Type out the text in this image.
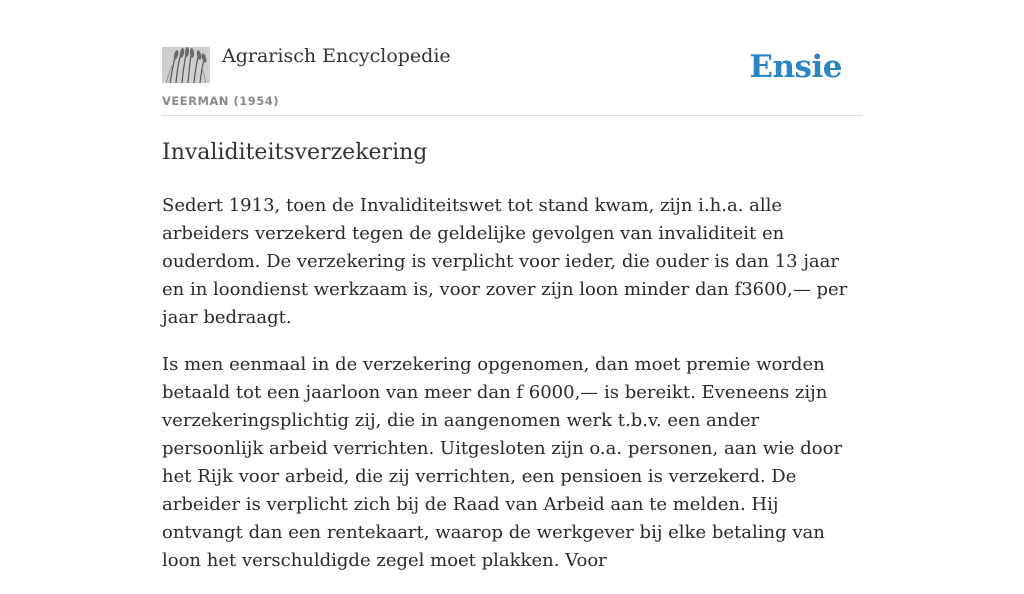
Agrarisch Encyclopedie
VEERMAN (1954)
Ensie
Invaliditeitsverzekering

Sedert 1913, toen de Invaliditeitswet tot stand kwam, zijn i.h.a. alle arbeiders verzekerd tegen de geldelijke gevolgen van invaliditeit en ouderdom. De verzekering is verplicht voor ieder, die ouder is dan 13 jaar en in loondienst werkzaam is, voor zover zijn loon minder dan f3600,— per jaar bedraagt.

Is men eenmaal in de verzekering opgenomen, dan moet premie worden betaald tot een jaarloon van meer dan f 6000,— is bereikt. Eveneens zijn verzekeringsplichtig zij, die in aangenomen werk t.b.v. een ander persoonlijk arbeid verrichten. Uitgesloten zijn o.a. personen, aan wie door het Rijk voor arbeid, die zij verrichten, een pensioen is verzekerd. De arbeider is verplicht zich bij de Raad van Arbeid aan te melden. Hij ontvangt dan een rentekaart, waarop de werkgever bij elke betaling van loon het verschuldigde zegel moet plakken. Voor
